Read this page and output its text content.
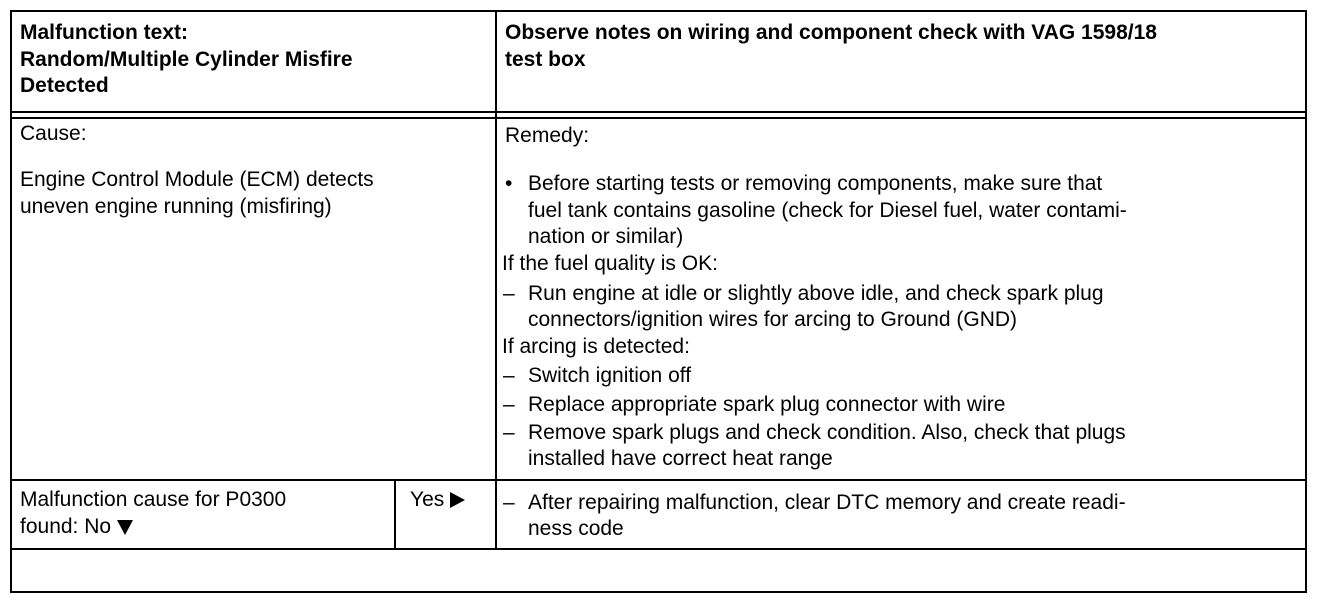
Malfunction text:
Random/Multiple Cylinder Misfire
Detected
Observe notes on wiring and component check with VAG 1598/18
test box
Cause:
Engine Control Module (ECM) detects
uneven engine running (misfiring)
Remedy:
• Before starting tests or removing components, make sure that
fuel tank contains gasoline (check for Diesel fuel, water contami-
nation or similar)
If the fuel quality is OK:
– Run engine at idle or slightly above idle, and check spark plug
connectors/ignition wires for arcing to Ground (GND)
If arcing is detected:
– Switch ignition off
– Replace appropriate spark plug connector with wire
– Remove spark plugs and check condition. Also, check that plugs
installed have correct heat range
Malfunction cause for P0300
found: No
Yes	– After repairing malfunction, clear DTC memory and create readi-
ness code
